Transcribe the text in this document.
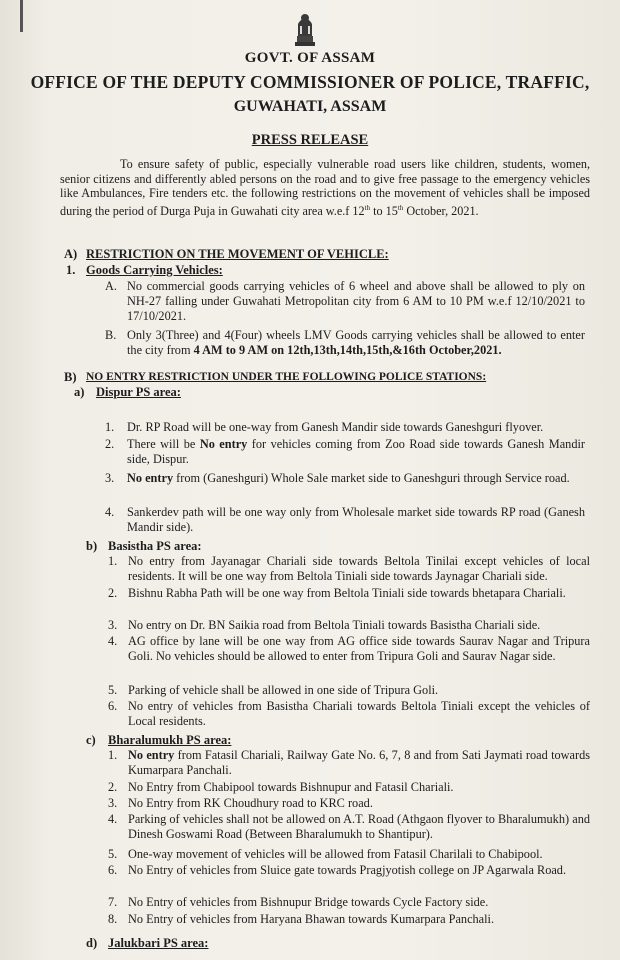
GOVT. OF ASSAM
OFFICE OF THE DEPUTY COMMISSIONER OF POLICE, TRAFFIC,
GUWAHATI, ASSAM
PRESS RELEASE
To ensure safety of public, especially vulnerable road users like children, students, women, senior citizens and differently abled persons on the road and to give free passage to the emergency vehicles like Ambulances, Fire tenders etc. the following restrictions on the movement of vehicles shall be imposed during the period of Durga Puja in Guwahati city area w.e.f 12th to 15th October, 2021.
A) RESTRICTION ON THE MOVEMENT OF VEHICLE:
1. Goods Carrying Vehicles:
A. No commercial goods carrying vehicles of 6 wheel and above shall be allowed to ply on NH-27 falling under Guwahati Metropolitan city from 6 AM to 10 PM w.e.f 12/10/2021 to 17/10/2021.
B. Only 3(Three) and 4(Four) wheels LMV Goods carrying vehicles shall be allowed to enter the city from 4 AM to 9 AM on 12th,13th,14th,15th,&16th October,2021.
B) NO ENTRY RESTRICTION UNDER THE FOLLOWING POLICE STATIONS:
a) Dispur PS area:
1. Dr. RP Road will be one-way from Ganesh Mandir side towards Ganeshguri flyover.
2. There will be No entry for vehicles coming from Zoo Road side towards Ganesh Mandir side, Dispur.
3. No entry from (Ganeshguri) Whole Sale market side to Ganeshguri through Service road.
4. Sankerdev path will be one way only from Wholesale market side towards RP road (Ganesh Mandir side).
b) Basistha PS area:
1. No entry from Jayanagar Chariali side towards Beltola Tinilai except vehicles of local residents. It will be one way from Beltola Tiniali side towards Jaynagar Chariali side.
2. Bishnu Rabha Path will be one way from Beltola Tiniali side towards bhetapara Chariali.
3. No entry on Dr. BN Saikia road from Beltola Tiniali towards Basistha Chariali side.
4. AG office by lane will be one way from AG office side towards Saurav Nagar and Tripura Goli. No vehicles should be allowed to enter from Tripura Goli and Saurav Nagar side.
5. Parking of vehicle shall be allowed in one side of Tripura Goli.
6. No entry of vehicles from Basistha Chariali towards Beltola Tiniali except the vehicles of Local residents.
c) Bharalumukh PS area:
1. No entry from Fatasil Chariali, Railway Gate No. 6, 7, 8 and from Sati Jaymati road towards Kumarpara Panchali.
2. No Entry from Chabipool towards Bishnupur and Fatasil Chariali.
3. No Entry from RK Choudhury road to KRC road.
4. Parking of vehicles shall not be allowed on A.T. Road (Athgaon flyover to Bharalumukh) and Dinesh Goswami Road (Between Bharalumukh to Shantipur).
5. One-way movement of vehicles will be allowed from Fatasil Charilali to Chabipool.
6. No Entry of vehicles from Sluice gate towards Pragjyotish college on JP Agarwala Road.
7. No Entry of vehicles from Bishnupur Bridge towards Cycle Factory side.
8. No Entry of vehicles from Haryana Bhawan towards Kumarpara Panchali.
d) Jalukbari PS area:
